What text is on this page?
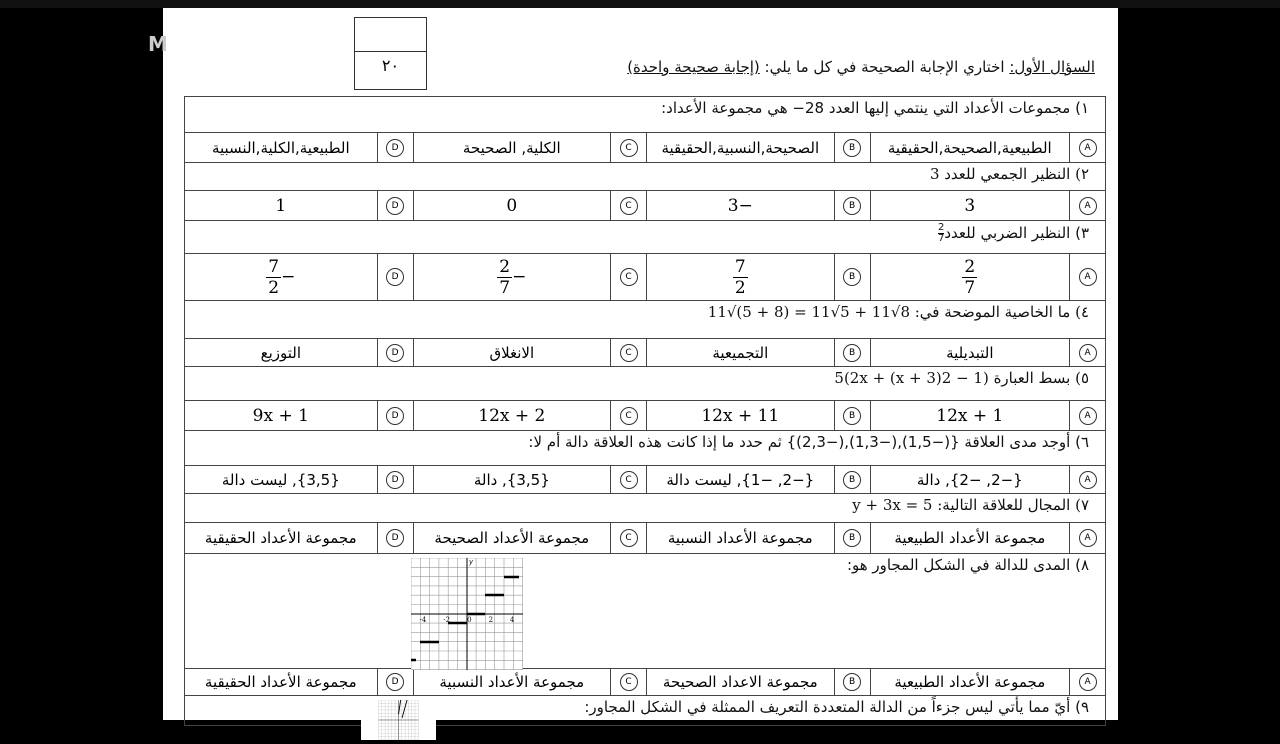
M
٢٠	السؤال الأول: اختاري الإجابة الصحيحة في كل ما يلي: (إجابة صحيحة واحدة)
١) مجموعات الأعداد التي ينتمي إليها العدد 28− هي مجموعة الأعداد:
A
الطبيعية,الصحيحة,الحقيقية
B
الصحيحة,النسبية,الحقيقية
C
الكلية, الصحيحة
D
الطبيعية,الكلية,النسبية
٢) النظير الجمعي للعدد 3
A
3
B
−3
C
0
D
1
٣) النظير الضربي للعدد
$\frac{2}{7}$
A
$\frac{2}{7}$
B
$\frac{7}{2}$
C
−
$\frac{2}{7}$
D
−
$\frac{7}{2}$
٤) ما الخاصية الموضحة في: 8√11 + 5√11 = (8 + 5)√11
A
التبديلية
B
التجميعية
C
الانغلاق
D
التوزيع
٥) بسط العبارة (1 − 2(x + 3) + 5(2x
A
12x + 1
B
12x + 11
C
12x + 2
D
9x + 1
٦) أوجد مدى العلاقة {(−1,5),(−1,3),(−2,3)} ثم حدد ما إذا كانت هذه العلاقة دالة أم لا:
A
{−2, −2}, دالة
B
{−2, −1}, ليست دالة
C
{3,5}, دالة
D
{3,5}, ليست دالة
٧) المجال للعلاقة التالية: y + 3x = 5
A
مجموعة الأعداد الطبيعية
B
مجموعة الأعداد النسبية
C
مجموعة الأعداد الصحيحة
D
مجموعة الأعداد الحقيقية
٨) المدى للدالة في الشكل المجاور هو:
-4 -2 0 2 4
y
A
مجموعة الأعداد الطبيعية
B
مجموعة الاعداد الصحيحة
C
مجموعة الأعداد النسبية
D
مجموعة الأعداد الحقيقية
٩) أيّ مما يأتي ليس جزءاً من الدالة المتعددة التعريف الممثلة في الشكل المجاور:
